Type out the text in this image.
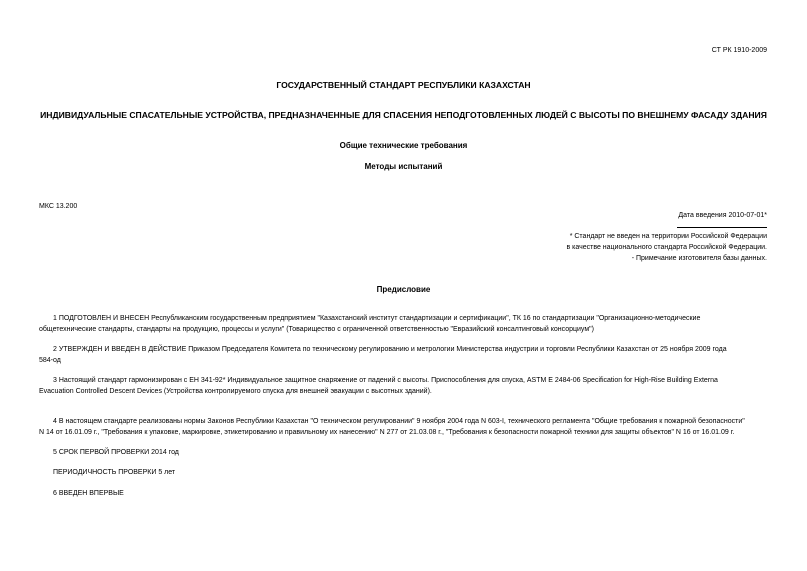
СТ РК 1910-2009
ГОСУДАРСТВЕННЫЙ СТАНДАРТ РЕСПУБЛИКИ КАЗАХСТАН
ИНДИВИДУАЛЬНЫЕ СПАСАТЕЛЬНЫЕ УСТРОЙСТВА, ПРЕДНАЗНАЧЕННЫЕ ДЛЯ СПАСЕНИЯ НЕПОДГОТОВЛЕННЫХ ЛЮДЕЙ С ВЫСОТЫ ПО ВНЕШНЕМУ ФАСАДУ ЗДАНИЯ
Общие технические требования
Методы испытаний
МКС 13.200
Дата введения 2010-07-01*
* Стандарт не введен на территории Российской Федерации
в качестве национального стандарта Российской Федерации.
- Примечание изготовителя базы данных.
Предисловие
1 ПОДГОТОВЛЕН И ВНЕСЕН Республиканским государственным предприятием "Казахстанский институт стандартизации и сертификации", ТК 16 по стандартизации "Организационно-методические
общетехнические стандарты, стандарты на продукцию, процессы и услуги" (Товарищество с ограниченной ответственностью "Евразийский консалтинговый консорциум")
2 УТВЕРЖДЕН И ВВЕДЕН В ДЕЙСТВИЕ Приказом Председателя Комитета по техническому регулированию и метрологии Министерства индустрии и торговли Республики Казахстан от 25 ноября 2009 года
584-од
3 Настоящий стандарт гармонизирован с ЕН 341-92* Индивидуальное защитное снаряжение от падений с высоты. Приспособления для спуска, ASTM E 2484-06 Specification for High-Rise Building Externa
Evacuation Controlled Descent Devices (Устройства контролируемого спуска для внешней эвакуации с высотных зданий).
4 В настоящем стандарте реализованы нормы Законов Республики Казахстан "О техническом регулировании" 9 ноября 2004 года N 603-I, технического регламента "Общие требования к пожарной безопасности"
N 14 от 16.01.09 г., "Требования к упаковке, маркировке, этикетированию и правильному их нанесению" N 277 от 21.03.08 г., "Требования к безопасности пожарной техники для защиты объектов" N 16 от 16.01.09 г.
5 СРОК ПЕРВОЙ ПРОВЕРКИ 2014 год
ПЕРИОДИЧНОСТЬ ПРОВЕРКИ 5 лет
6 ВВЕДЕН ВПЕРВЫЕ
